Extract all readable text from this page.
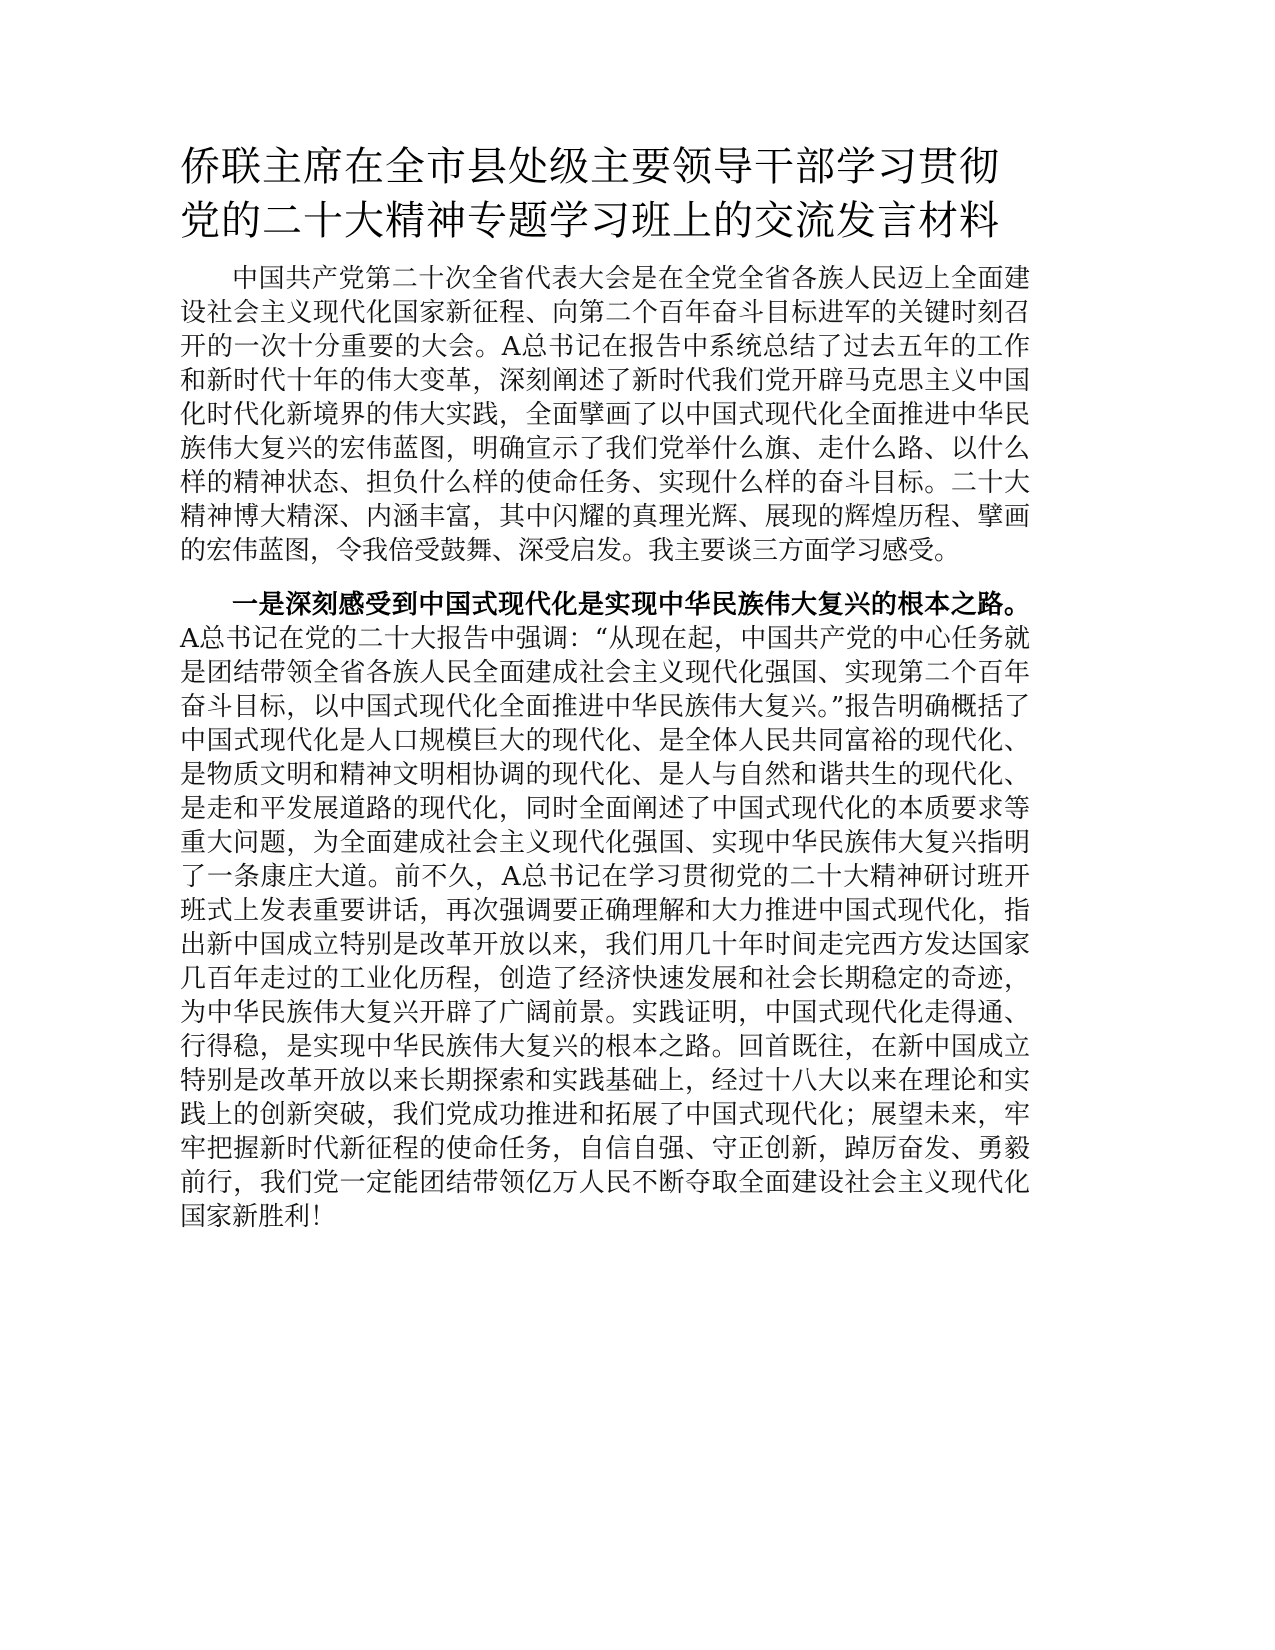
侨联主席在全市县处级主要领导干部学习贯彻党的二十大精神专题学习班上的交流发言材料

中国共产党第二十次全省代表大会是在全党全省各族人民迈上全面建设社会主义现代化国家新征程、向第二个百年奋斗目标进军的关键时刻召开的一次十分重要的大会。A总书记在报告中系统总结了过去五年的工作和新时代十年的伟大变革，深刻阐述了新时代我们党开辟马克思主义中国化时代化新境界的伟大实践，全面擘画了以中国式现代化全面推进中华民族伟大复兴的宏伟蓝图，明确宣示了我们党举什么旗、走什么路、以什么样的精神状态、担负什么样的使命任务、实现什么样的奋斗目标。二十大精神博大精深、内涵丰富，其中闪耀的真理光辉、展现的辉煌历程、擘画的宏伟蓝图，令我倍受鼓舞、深受启发。我主要谈三方面学习感受。

一是深刻感受到中国式现代化是实现中华民族伟大复兴的根本之路。A总书记在党的二十大报告中强调：“从现在起，中国共产党的中心任务就是团结带领全省各族人民全面建成社会主义现代化强国、实现第二个百年奋斗目标，以中国式现代化全面推进中华民族伟大复兴。”报告明确概括了中国式现代化是人口规模巨大的现代化、是全体人民共同富裕的现代化、是物质文明和精神文明相协调的现代化、是人与自然和谐共生的现代化、是走和平发展道路的现代化，同时全面阐述了中国式现代化的本质要求等重大问题，为全面建成社会主义现代化强国、实现中华民族伟大复兴指明了一条康庄大道。前不久，A总书记在学习贯彻党的二十大精神研讨班开班式上发表重要讲话，再次强调要正确理解和大力推进中国式现代化，指出新中国成立特别是改革开放以来，我们用几十年时间走完西方发达国家几百年走过的工业化历程，创造了经济快速发展和社会长期稳定的奇迹，为中华民族伟大复兴开辟了广阔前景。实践证明，中国式现代化走得通、行得稳，是实现中华民族伟大复兴的根本之路。回首既往，在新中国成立特别是改革开放以来长期探索和实践基础上，经过十八大以来在理论和实践上的创新突破，我们党成功推进和拓展了中国式现代化；展望未来，牢牢把握新时代新征程的使命任务，自信自强、守正创新，踔厉奋发、勇毅前行，我们党一定能团结带领亿万人民不断夺取全面建设社会主义现代化国家新胜利！
